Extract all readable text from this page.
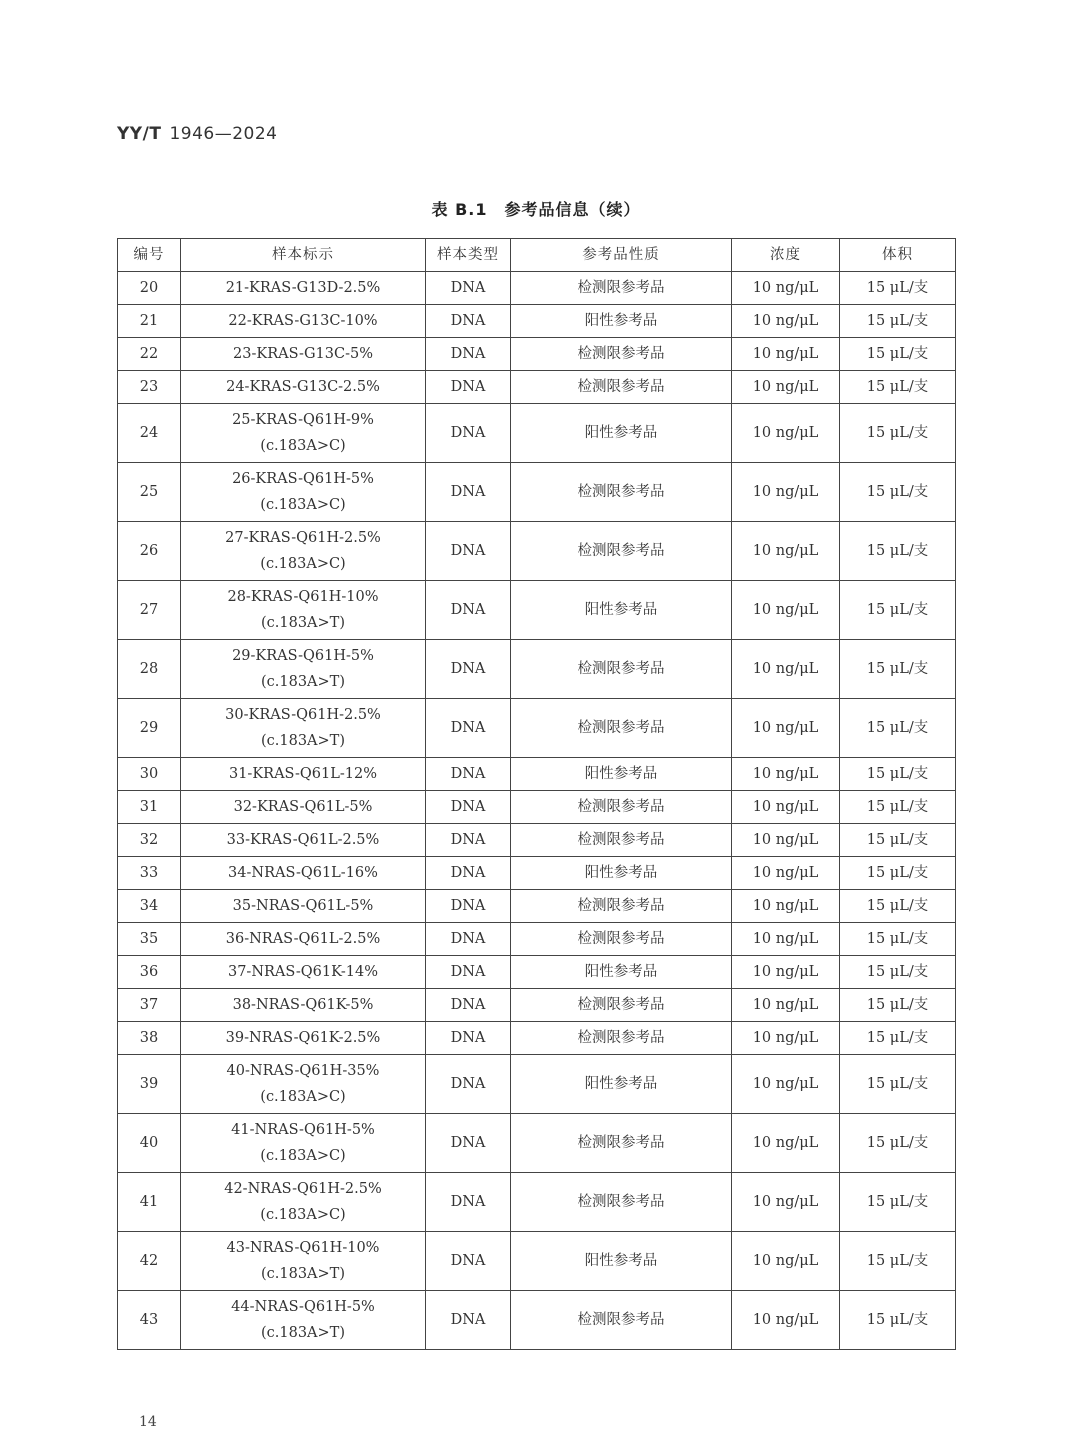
YY/T 1946—2024
表 B.1　参考品信息（续）
编号	样本标示	样本类型	参考品性质	浓度	体积
20	21-KRAS-G13D-2.5%	DNA	检测限参考品	10 ng/μL	15 μL/支
21	22-KRAS-G13C-10%	DNA	阳性参考品	10 ng/μL	15 μL/支
22	23-KRAS-G13C-5%	DNA	检测限参考品	10 ng/μL	15 μL/支
23	24-KRAS-G13C-2.5%	DNA	检测限参考品	10 ng/μL	15 μL/支
24	25-KRAS-Q61H-9%
(c.183A>C)	DNA	阳性参考品	10 ng/μL	15 μL/支
25	26-KRAS-Q61H-5%
(c.183A>C)	DNA	检测限参考品	10 ng/μL	15 μL/支
26	27-KRAS-Q61H-2.5%
(c.183A>C)	DNA	检测限参考品	10 ng/μL	15 μL/支
27	28-KRAS-Q61H-10%
(c.183A>T)	DNA	阳性参考品	10 ng/μL	15 μL/支
28	29-KRAS-Q61H-5%
(c.183A>T)	DNA	检测限参考品	10 ng/μL	15 μL/支
29	30-KRAS-Q61H-2.5%
(c.183A>T)	DNA	检测限参考品	10 ng/μL	15 μL/支
30	31-KRAS-Q61L-12%	DNA	阳性参考品	10 ng/μL	15 μL/支
31	32-KRAS-Q61L-5%	DNA	检测限参考品	10 ng/μL	15 μL/支
32	33-KRAS-Q61L-2.5%	DNA	检测限参考品	10 ng/μL	15 μL/支
33	34-NRAS-Q61L-16%	DNA	阳性参考品	10 ng/μL	15 μL/支
34	35-NRAS-Q61L-5%	DNA	检测限参考品	10 ng/μL	15 μL/支
35	36-NRAS-Q61L-2.5%	DNA	检测限参考品	10 ng/μL	15 μL/支
36	37-NRAS-Q61K-14%	DNA	阳性参考品	10 ng/μL	15 μL/支
37	38-NRAS-Q61K-5%	DNA	检测限参考品	10 ng/μL	15 μL/支
38	39-NRAS-Q61K-2.5%	DNA	检测限参考品	10 ng/μL	15 μL/支
39	40-NRAS-Q61H-35%
(c.183A>C)	DNA	阳性参考品	10 ng/μL	15 μL/支
40	41-NRAS-Q61H-5%
(c.183A>C)	DNA	检测限参考品	10 ng/μL	15 μL/支
41	42-NRAS-Q61H-2.5%
(c.183A>C)	DNA	检测限参考品	10 ng/μL	15 μL/支
42	43-NRAS-Q61H-10%
(c.183A>T)	DNA	阳性参考品	10 ng/μL	15 μL/支
43	44-NRAS-Q61H-5%
(c.183A>T)	DNA	检测限参考品	10 ng/μL	15 μL/支
14
